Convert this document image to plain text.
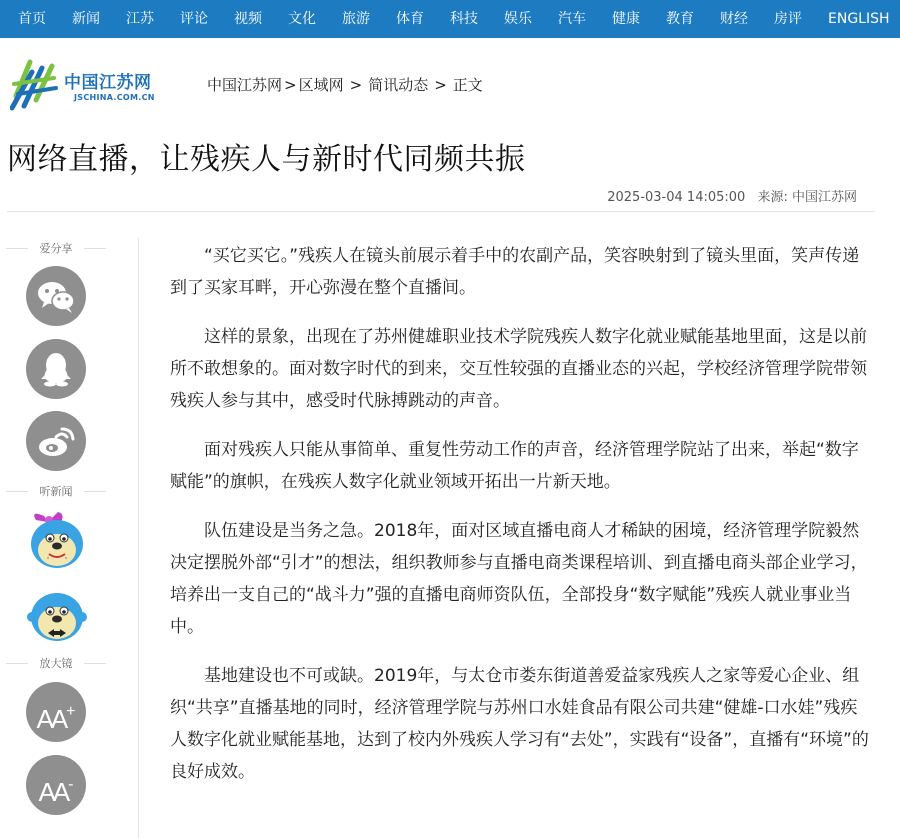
首页 新闻 江苏 评论 视频 文化 旅游 体育 科技 娱乐 汽车 健康 教育 财经 房评 ENGLISH
中国江苏网
JSCHINA.COM.CN
中国江苏网 > 区域网 > 简讯动态 > 正文
网络直播，让残疾人与新时代同频共振
2025-03-04 14:05:00 来源: 中国江苏网
爱分享
听新闻
放大镜
AA+
AA-

“买它买它。”残疾人在镜头前展示着手中的农副产品，笑容映射到了镜头里面，笑声传递到了买家耳畔，开心弥漫在整个直播间。

这样的景象，出现在了苏州健雄职业技术学院残疾人数字化就业赋能基地里面，这是以前所不敢想象的。面对数字时代的到来，交互性较强的直播业态的兴起，学校经济管理学院带领残疾人参与其中，感受时代脉搏跳动的声音。

面对残疾人只能从事简单、重复性劳动工作的声音，经济管理学院站了出来，举起“数字赋能”的旗帜，在残疾人数字化就业领域开拓出一片新天地。

队伍建设是当务之急。2018年，面对区域直播电商人才稀缺的困境，经济管理学院毅然决定摆脱外部“引才”的想法，组织教师参与直播电商类课程培训、到直播电商头部企业学习，培养出一支自己的“战斗力”强的直播电商师资队伍，全部投身“数字赋能”残疾人就业事业当中。

基地建设也不可或缺。2019年，与太仓市娄东街道善爱益家残疾人之家等爱心企业、组织“共享”直播基地的同时，经济管理学院与苏州口水娃食品有限公司共建“健雄-口水娃”残疾人数字化就业赋能基地，达到了校内外残疾人学习有“去处”，实践有“设备”，直播有“环境”的良好成效。
